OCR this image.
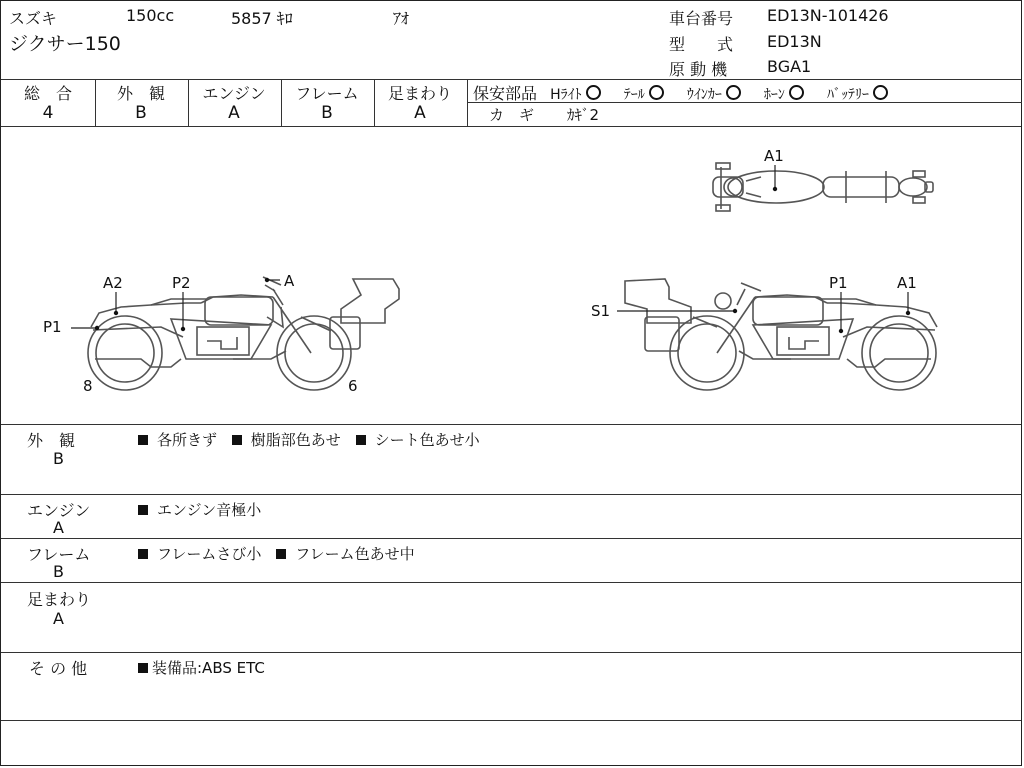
スズキ	150cc	5857 ｷﾛ	ｱｵ
ジクサー150
車台番号 ED13N-101426
型　　式 ED13N
原 動 機 BGA1
総　合	外　観	エンジン	フレーム	足まわり
4	B	A	B	A
保安部品 Hﾗｲﾄ	ﾃｰﾙ	ｳｲﾝｶｰ	ﾎｰﾝ	ﾊﾞｯﾃﾘｰ
カ　ギ ｶｷﾞ2
A1
A2	P2	A
P1
8	6
S1
P1	A1
外　観
B
各所きず 樹脂部色あせ シート色あせ小
エンジン
A
エンジン音極小
フレーム
B
フレームさび小 フレーム色あせ中
足まわり
A
そ の 他	装備品:ABS ETC
